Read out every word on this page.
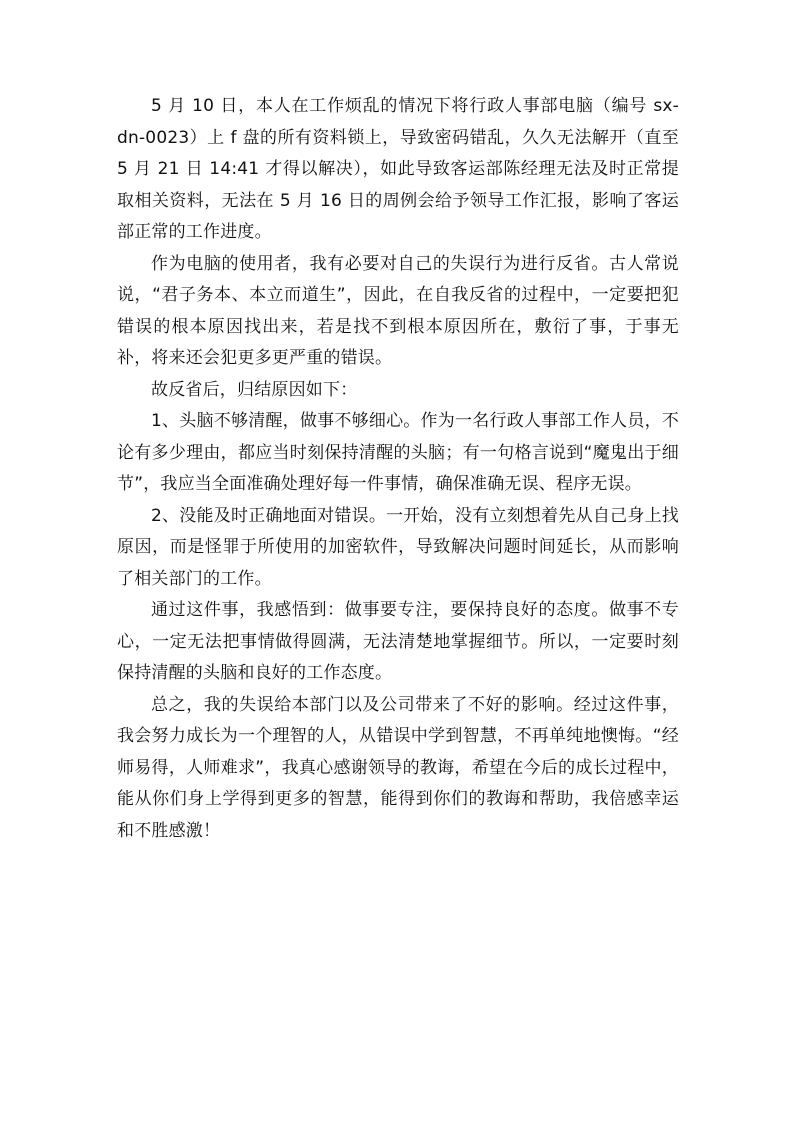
5 月 10 日，本人在工作烦乱的情况下将行政人事部电脑（编号 sx-dn-0023）上 f 盘的所有资料锁上，导致密码错乱，久久无法解开（直至 5 月 21 日 14:41 才得以解决），如此导致客运部陈经理无法及时正常提取相关资料，无法在 5 月 16 日的周例会给予领导工作汇报，影响了客运部正常的工作进度。

作为电脑的使用者，我有必要对自己的失误行为进行反省。古人常说说，“君子务本、本立而道生”，因此，在自我反省的过程中，一定要把犯错误的根本原因找出来，若是找不到根本原因所在，敷衍了事，于事无补，将来还会犯更多更严重的错误。

故反省后，归结原因如下：

1、头脑不够清醒，做事不够细心。作为一名行政人事部工作人员，不论有多少理由，都应当时刻保持清醒的头脑；有一句格言说到“魔鬼出于细节”，我应当全面准确处理好每一件事情，确保准确无误、程序无误。

2、没能及时正确地面对错误。一开始，没有立刻想着先从自己身上找原因，而是怪罪于所使用的加密软件，导致解决问题时间延长，从而影响了相关部门的工作。

通过这件事，我感悟到：做事要专注，要保持良好的态度。做事不专心，一定无法把事情做得圆满，无法清楚地掌握细节。所以，一定要时刻保持清醒的头脑和良好的工作态度。

总之，我的失误给本部门以及公司带来了不好的影响。经过这件事，我会努力成长为一个理智的人，从错误中学到智慧，不再单纯地懊悔。“经师易得，人师难求”，我真心感谢领导的教诲，希望在今后的成长过程中，能从你们身上学得到更多的智慧，能得到你们的教诲和帮助，我倍感幸运和不胜感激！
